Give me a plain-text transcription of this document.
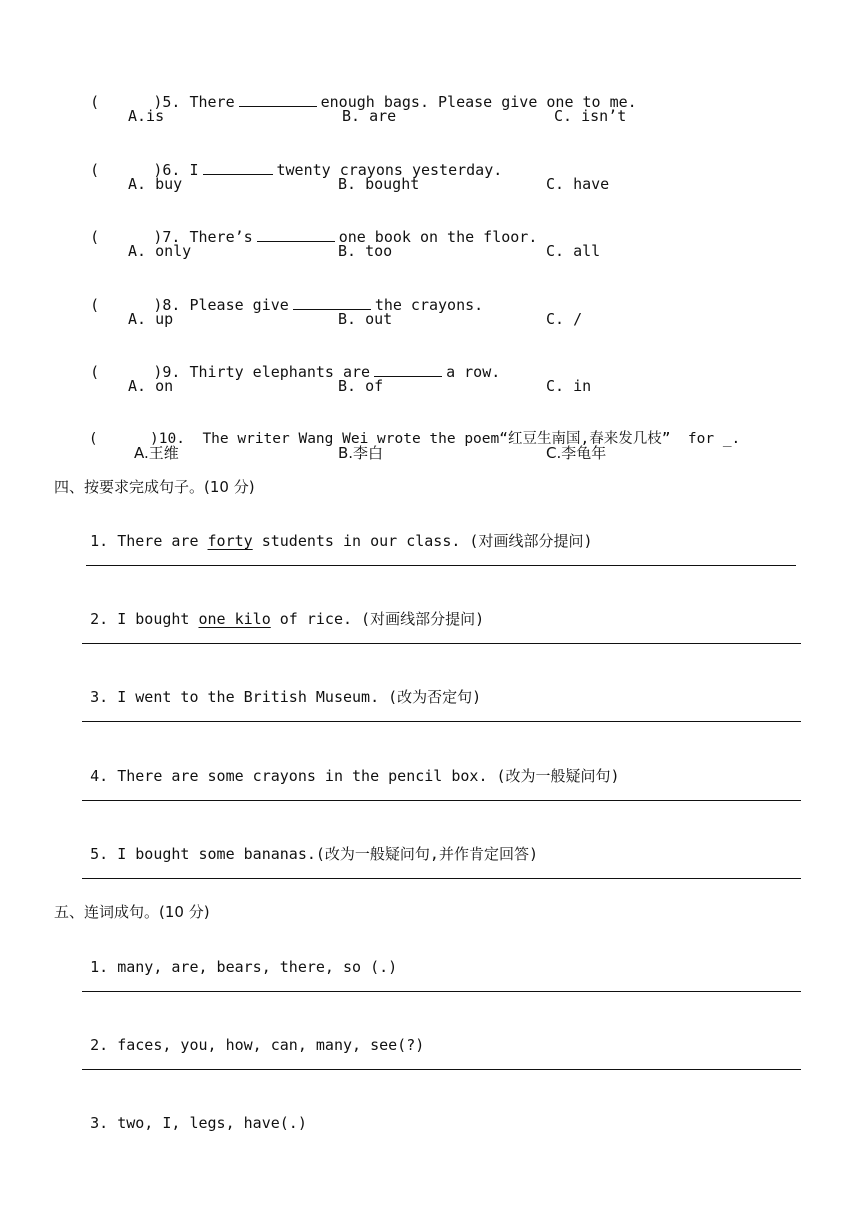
(      )5. There	enough bags. Please give one to me.

A.is	B. are	C. isn’t

(      )6. I	twenty crayons yesterday.

A. buy	B. bought	C. have

(      )7. There’s	one book on the floor.

A. only	B. too	C. all

(      )8. Please give	the crayons.

A. up	B. out	C. /

(      )9. Thirty elephants are	a row.

A. on	B. of	C. in

(      )10. The writer Wang Wei wrote the poem“红豆生南国,春来发几枝”  for _.

A.王维	B.李白	C.李龟年
四、按要求完成句子。(10 分)

1. There are forty students in our class. (对画线部分提问)

2. I bought one kilo of rice. (对画线部分提问)

3. I went to the British Museum. (改为否定句)

4. There are some crayons in the pencil box. (改为一般疑问句)

5. I bought some bananas.(改为一般疑问句,并作肯定回答)

五、连词成句。(10 分)

1. many, are, bears, there, so (.)

2. faces, you, how, can, many, see(?)

3. two, I, legs, have(.)
